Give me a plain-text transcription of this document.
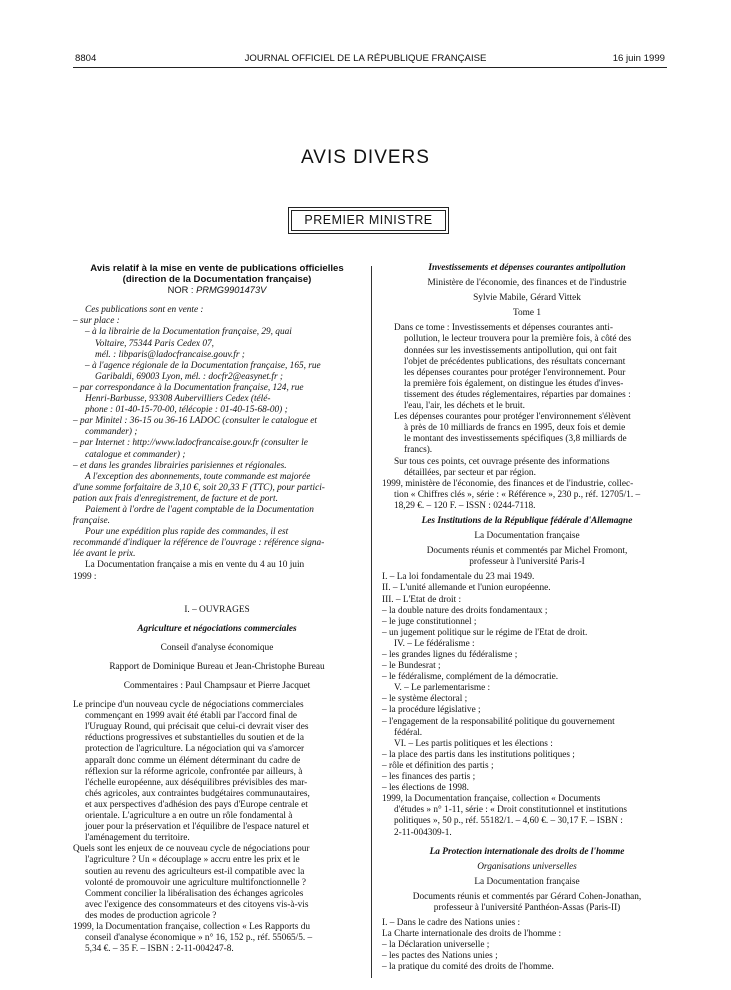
8804	JOURNAL OFFICIEL DE LA RÉPUBLIQUE FRANÇAISE	16 juin 1999
AVIS DIVERS
PREMIER MINISTRE

Avis relatif à la mise en vente de publications officielles

(direction de la Documentation française)

NOR : PRMG9901473V

Ces publications sont en vente :

– sur place :

– à la librairie de la Documentation française, 29, quai

Voltaire, 75344 Paris Cedex 07,

mél. : libparis@ladocfrancaise.gouv.fr ;

– à l'agence régionale de la Documentation française, 165, rue

Garibaldi, 69003 Lyon, mél. : docfr2@easynet.fr ;

– par correspondance à la Documentation française, 124, rue

Henri-Barbusse, 93308 Aubervilliers Cedex (télé-

phone : 01-40-15-70-00, télécopie : 01-40-15-68-00) ;

– par Minitel : 36-15 ou 36-16 LADOC (consulter le catalogue et

commander) ;

– par Internet : http://www.ladocfrancaise.gouv.fr (consulter le

catalogue et commander) ;

– et dans les grandes librairies parisiennes et régionales.

A l'exception des abonnements, toute commande est majorée

d'une somme forfaitaire de 3,10 €, soit 20,33 F (TTC), pour partici-

pation aux frais d'enregistrement, de facture et de port.

Paiement à l'ordre de l'agent comptable de la Documentation

française.

Pour une expédition plus rapide des commandes, il est

recommandé d'indiquer la référence de l'ouvrage : référence signa-

lée avant le prix.

La Documentation française a mis en vente du 4 au 10 juin

1999 :

I. – OUVRAGES

Agriculture et négociations commerciales

Conseil d'analyse économique

Rapport de Dominique Bureau et Jean-Christophe Bureau

Commentaires : Paul Champsaur et Pierre Jacquet

Le principe d'un nouveau cycle de négociations commerciales

commençant en 1999 avait été établi par l'accord final de

l'Uruguay Round, qui précisait que celui-ci devrait viser des

réductions progressives et substantielles du soutien et de la

protection de l'agriculture. La négociation qui va s'amorcer

apparaît donc comme un élément déterminant du cadre de

réflexion sur la réforme agricole, confrontée par ailleurs, à

l'échelle européenne, aux déséquilibres prévisibles des mar-

chés agricoles, aux contraintes budgétaires communautaires,

et aux perspectives d'adhésion des pays d'Europe centrale et

orientale. L'agriculture a en outre un rôle fondamental à

jouer pour la préservation et l'équilibre de l'espace naturel et

l'aménagement du territoire.

Quels sont les enjeux de ce nouveau cycle de négociations pour

l'agriculture ? Un « découplage » accru entre les prix et le

soutien au revenu des agriculteurs est-il compatible avec la

volonté de promouvoir une agriculture multifonctionnelle ?

Comment concilier la libéralisation des échanges agricoles

avec l'exigence des consommateurs et des citoyens vis-à-vis

des modes de production agricole ?

1999, la Documentation française, collection « Les Rapports du

conseil d'analyse économique » n° 16, 152 p., réf. 55065/5. –

5,34 €. – 35 F. – ISBN : 2-11-004247-8.

Investissements et dépenses courantes antipollution

Ministère de l'économie, des finances et de l'industrie

Sylvie Mabile, Gérard Vittek

Tome 1

Dans ce tome : Investissements et dépenses courantes anti-

pollution, le lecteur trouvera pour la première fois, à côté des

données sur les investissements antipollution, qui ont fait

l'objet de précédentes publications, des résultats concernant

les dépenses courantes pour protéger l'environnement. Pour

la première fois également, on distingue les études d'inves-

tissement des études réglementaires, réparties par domaines :

l'eau, l'air, les déchets et le bruit.

Les dépenses courantes pour protéger l'environnement s'élèvent

à près de 10 milliards de francs en 1995, deux fois et demie

le montant des investissements spécifiques (3,8 milliards de

francs).

Sur tous ces points, cet ouvrage présente des informations

détaillées, par secteur et par région.

1999, ministère de l'économie, des finances et de l'industrie, collec-

tion « Chiffres clés », série : « Référence », 230 p., réf. 12705/1. –

18,29 €. – 120 F. – ISSN : 0244-7118.

Les Institutions de la République fédérale d'Allemagne

La Documentation française

Documents réunis et commentés par Michel Fromont,

professeur à l'université Paris-I

I. – La loi fondamentale du 23 mai 1949.

II. – L'unité allemande et l'union européenne.

III. – L'Etat de droit :

– la double nature des droits fondamentaux ;

– le juge constitutionnel ;

– un jugement politique sur le régime de l'Etat de droit.

IV. – Le fédéralisme :

– les grandes lignes du fédéralisme ;

– le Bundesrat ;

– le fédéralisme, complément de la démocratie.

V. – Le parlementarisme :

– le système électoral ;

– la procédure législative ;

– l'engagement de la responsabilité politique du gouvernement

fédéral.

VI. – Les partis politiques et les élections :

– la place des partis dans les institutions politiques ;

– rôle et définition des partis ;

– les finances des partis ;

– les élections de 1998.

1999, la Documentation française, collection « Documents

d'études » n° 1-11, série : « Droit constitutionnel et institutions

politiques », 50 p., réf. 55182/1. – 4,60 €. – 30,17 F. – ISBN :

2-11-004309-1.

La Protection internationale des droits de l'homme

Organisations universelles

La Documentation française

Documents réunis et commentés par Gérard Cohen-Jonathan,

professeur à l'université Panthéon-Assas (Paris-II)

I. – Dans le cadre des Nations unies :

La Charte internationale des droits de l'homme :

– la Déclaration universelle ;

– les pactes des Nations unies ;

– la pratique du comité des droits de l'homme.
